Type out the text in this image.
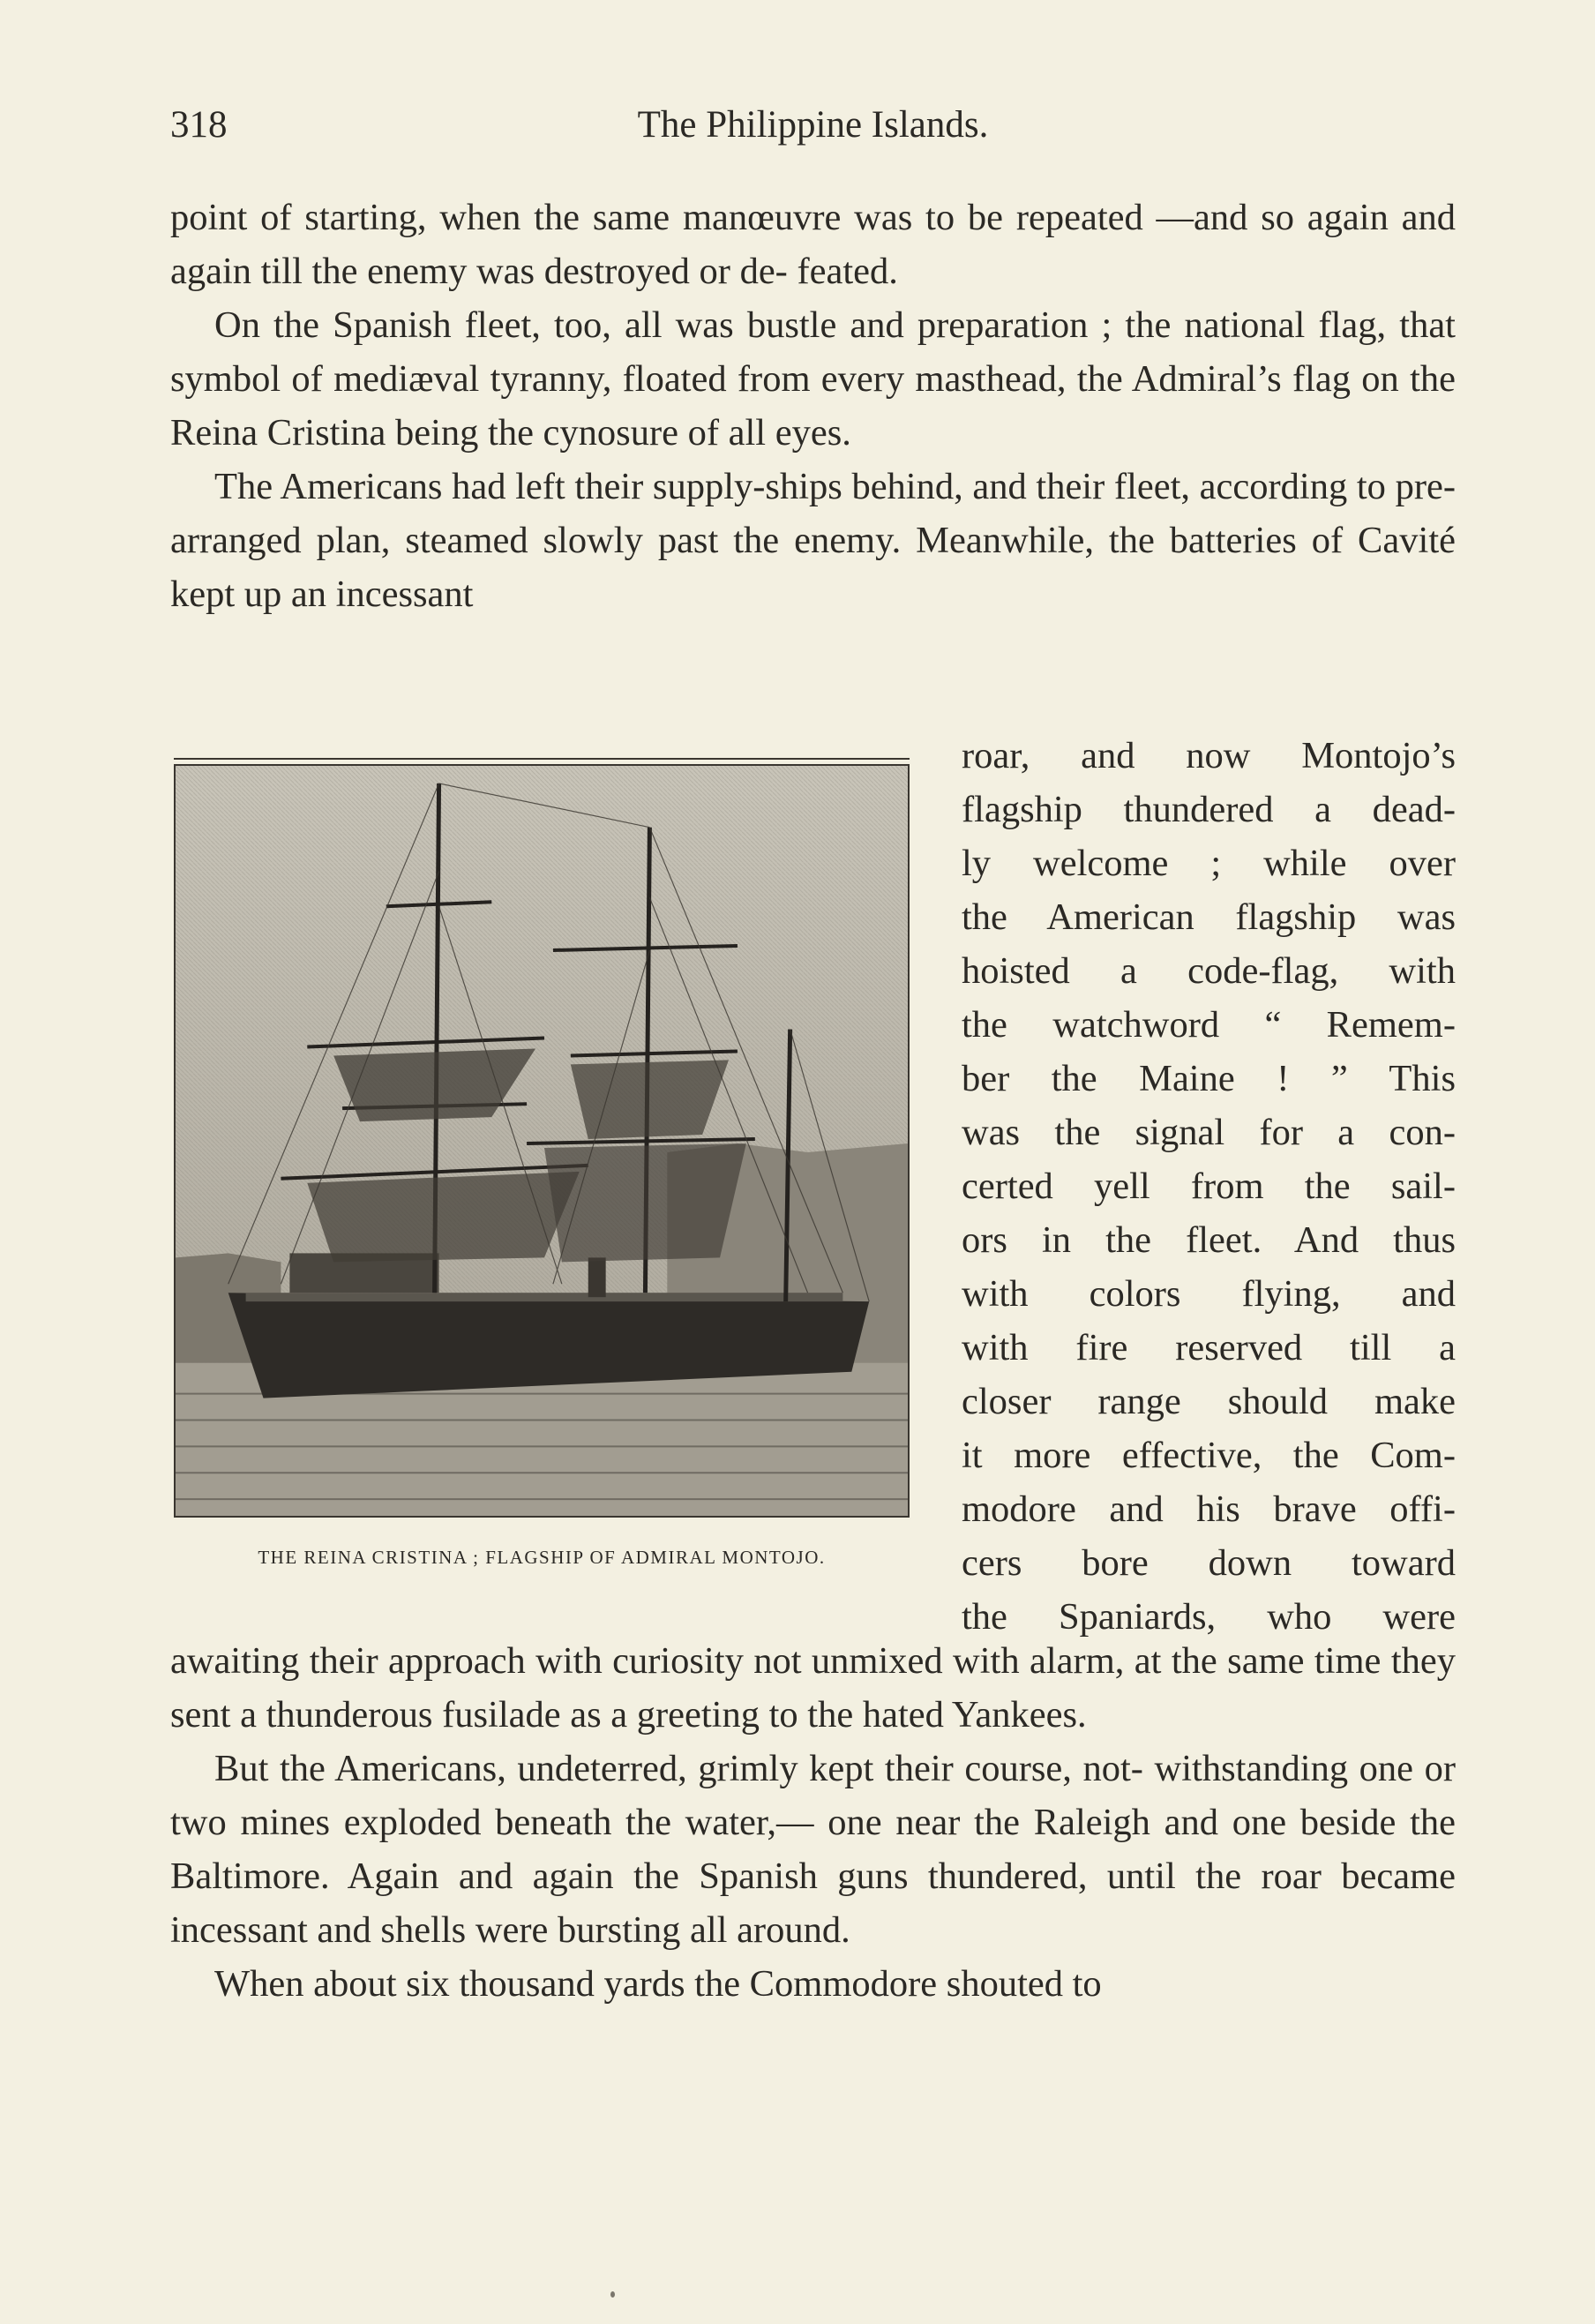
318	The Philippine Islands.

point of starting, when the same manœuvre was to be repeated —and so again and again till the enemy was destroyed or de- feated.

On the Spanish fleet, too, all was bustle and preparation ; the national flag, that symbol of mediæval tyranny, floated from every masthead, the Admiral’s flag on the Reina Cristina being the cynosure of all eyes.

The Americans had left their supply-ships behind, and their fleet, according to pre-arranged plan, steamed slowly past the enemy. Meanwhile, the batteries of Cavité kept up an incessant

THE REINA CRISTINA ; FLAGSHIP OF ADMIRAL MONTOJO.
roar, and now Montojo’s
flagship thundered a dead-
ly welcome ; while over
the American flagship was
hoisted a code-flag, with
the watchword “ Remem-
ber the Maine ! ” This
was the signal for a con-
certed yell from the sail-
ors in the fleet. And thus
with colors flying, and
with fire reserved till a
closer range should make
it more effective, the Com-
modore and his brave offi-
cers bore down toward
the Spaniards, who were

awaiting their approach with curiosity not unmixed with alarm, at the same time they sent a thunderous fusilade as a greeting to the hated Yankees.

But the Americans, undeterred, grimly kept their course, not- withstanding one or two mines exploded beneath the water,— one near the Raleigh and one beside the Baltimore. Again and again the Spanish guns thundered, until the roar became incessant and shells were bursting all around.

When about six thousand yards the Commodore shouted to
